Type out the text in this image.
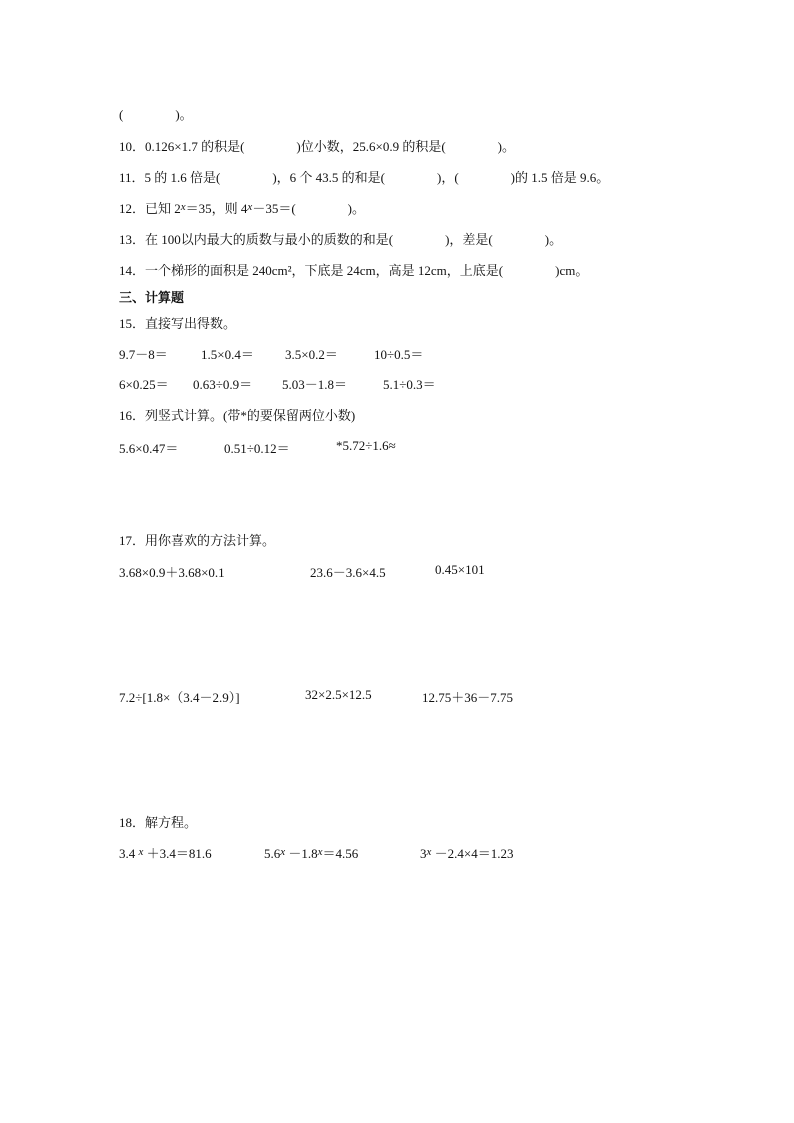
(　　　　)。
10．0.126×1.7 的积是(　　　　)位小数，25.6×0.9 的积是(　　　　)。
11．5 的 1.6 倍是(　　　　)，6 个 43.5 的和是(　　　　)，(　　　　)的 1.5 倍是 9.6。
12．已知 $2^x=35$，则 $4^x-35=$(　　　　)。
13．在 100以内最大的质数与最小的质数的和是(　　　　)，差是(　　　　)。
14．一个梯形的面积是 240cm²，下底是 24cm，高是 12cm，上底是(　　　　)cm。
三、计算题
15．直接写出得数。
9.7－8＝	1.5×0.4＝ 3.5×0.2＝	10÷0.5＝
6×0.25＝ 0.63÷0.9＝ 5.03－1.8＝	5.1÷0.3＝
16．列竖式计算。(带*的要保留两位小数)
5.6×0.47＝	0.51÷0.12＝	*5.72÷1.6≈
17．用你喜欢的方法计算。
3.68×0.9＋3.68×0.1	23.6－3.6×4.5	0.45×101
7.2÷[1.8×（3.4－2.9）]	32×2.5×12.5	12.75＋36－7.75
18．解方程。
3.4 $^x$ ＋3.4＝81.6	$5.6^x -1.8^x=4.56$	$3^x -2.4\times 4=1.23$
